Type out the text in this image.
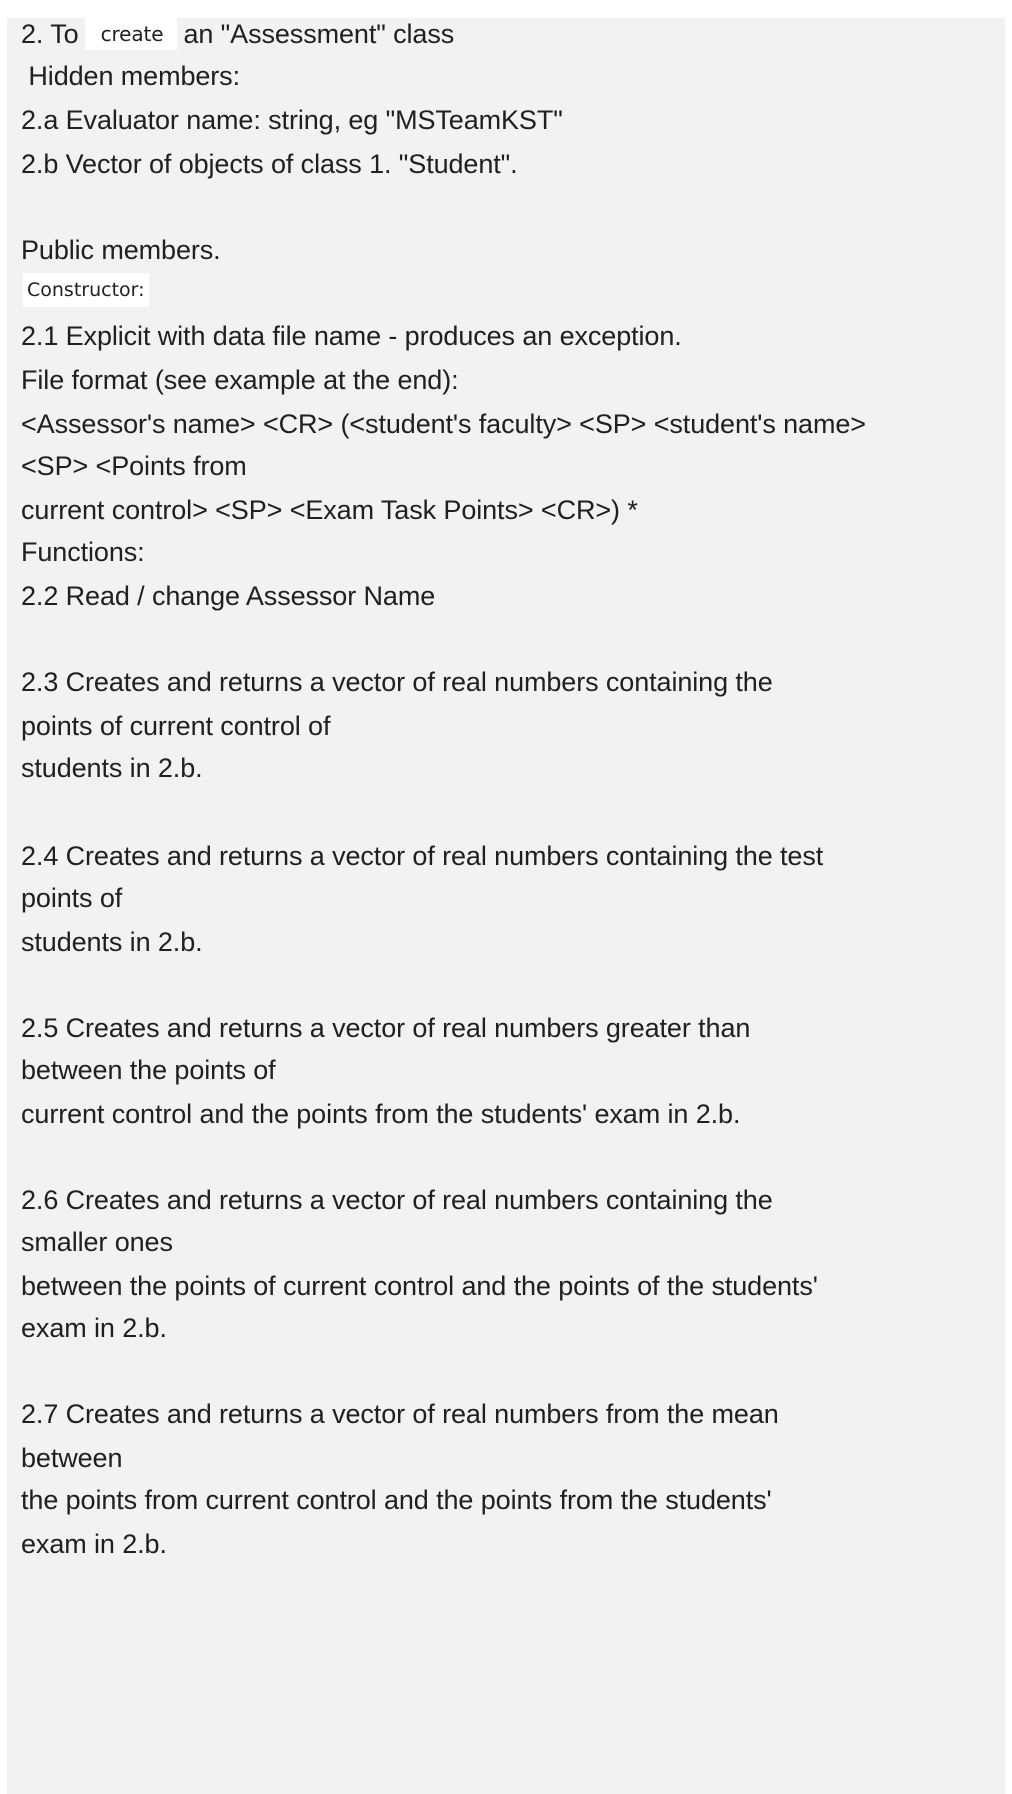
2. To create an "Assessment" class
Hidden members:
2.a Evaluator name: string, eg "MSTeamKST"
2.b Vector of objects of class 1. "Student".
Public members.
Constructor:
2.1 Explicit with data file name - produces an exception.
File format (see example at the end):
<Assessor's name> <CR> (<student's faculty> <SP> <student's name>
<SP> <Points from
current control> <SP> <Exam Task Points> <CR>) *
Functions:
2.2 Read / change Assessor Name
2.3 Creates and returns a vector of real numbers containing the
points of current control of
students in 2.b.
2.4 Creates and returns a vector of real numbers containing the test
points of
students in 2.b.
2.5 Creates and returns a vector of real numbers greater than
between the points of
current control and the points from the students' exam in 2.b.
2.6 Creates and returns a vector of real numbers containing the
smaller ones
between the points of current control and the points of the students'
exam in 2.b.
2.7 Creates and returns a vector of real numbers from the mean
between
the points from current control and the points from the students'
exam in 2.b.
